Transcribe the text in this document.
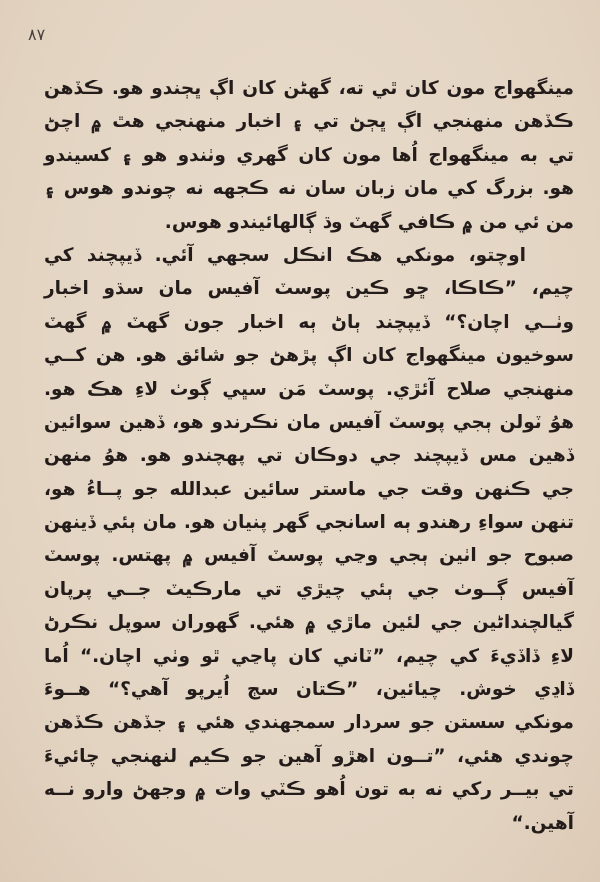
٨٧
مينگهواج مون کان ٿي ته، گهڻن کان اڳ ڀڄندو هو. ڪڏهن
ڪڏهن منهنجي اڳ ڀڄڻ تي ۽ اخبار منهنجي هٿ ۾ اچڻ
تي به مينگهواج اُها مون کان گهري وٺندو هو ۽ کسيندو
هو. بزرگ کي مان زبان سان نه ڪجهه نه چوندو هوس ۽
من ئي من ۾ ڪافي گهٽ وڌ ڳالهائيندو هوس.
اوچتو، مونکي هڪ انڪل سجهي آئي. ڏيپچند کي
چيم، ”ڪاڪا، ڇو ڪين پوسٽ آفيس مان سڌو اخبار
وٺــي اچان؟“ ڏيپچند ٻاڻ ٻه اخبار جون گهٽ ۾ گهٽ
سوخيون مينگهواج کان اڳ پڙهڻ جو شائق هو. هن کــي
منهنجي صلاح آئڙي. پوسٽ مَن سڀي ڳوٺ لاءِ هڪ هو.
هوُ ٽولن ٻجي پوسٽ آفيس مان نڪرندو هو، ڏهين سوائين
ڏهين مس ڏيپچند جي دوڪان تي پهچندو هو. هوُ منهن
جي ڪنهن وقت جي ماستر سائين عبدالله جو پــاءُ هو،
تنهن سواءِ رهندو ٻه اسانجي گهر پنيان هو. مان ٻئي ڏينهن
صبوح جو اٺين ٻجي وڃي پوسٽ آفيس ۾ پهتس. پوسٽ
آفيس ڳــوٺ جي ٻئي چيڙي تي مارڪيٽ جــي پرپان
گيالچنداڻين جي لئين ماڙي ۾ هئي. گهوران سوپل نڪرڻ
لاءِ ڏاڏيءَ کي چيم، ”ٽاني کان پاڃي ٿو وٺي اچان.“ اُما
ڏاڍي خوش. چيائين، ”ڪتان سڄ اُيرپو آهي؟“ هــوءَ
مونکي سستن جو سردار سمجهندي هئي ۽ جڏهن ڪڏهن
چوندي هئي، ”تــون اهڙو آهين جو ڪيم لنهنجي چائيءَ
تي بيــر رکي نه به تون اُهو ڪٽي وات ۾ وجهڻ وارو نــه
آهين.“
